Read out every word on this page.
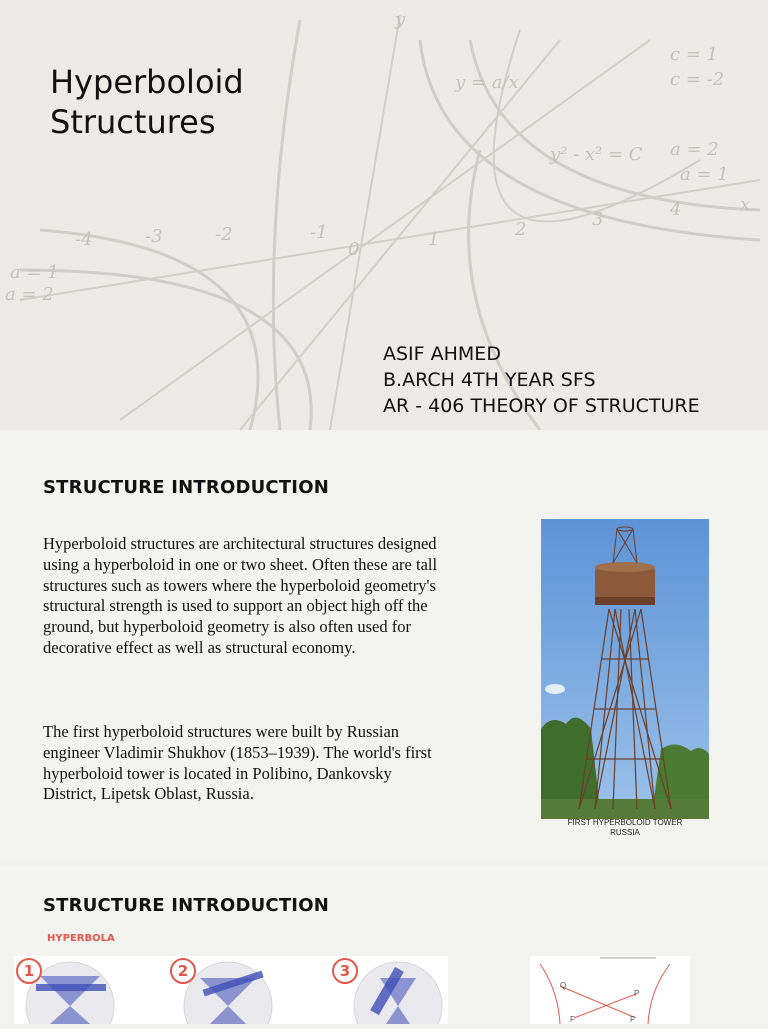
y = a/x
c = 1
c = -2
y² - x² = C a = 2
a = 1
a = 1
a = 2
x
y
-4	-3	-2	-1
0	1	2	3	4
Hyperboloid
Structures
ASIF AHMED
B.ARCH 4TH YEAR SFS
AR - 406 THEORY OF STRUCTURE
STRUCTURE INTRODUCTION
Hyperboloid structures are architectural structures designed using a hyperboloid in one or two sheet. Often these are tall structures such as towers where the hyperboloid geometry's structural strength is used to support an object high off the ground, but hyperboloid geometry is also often used for decorative effect as well as structural economy.
The first hyperboloid structures were built by Russian engineer Vladimir Shukhov (1853–1939). The world's first hyperboloid tower is located in Polibino, Dankovsky District, Lipetsk Oblast, Russia.
FIRST HYPERBOLOID TOWER
RUSSIA
STRUCTURE INTRODUCTION
HYPERBOLA
1	2	3
Q
P
F	F
